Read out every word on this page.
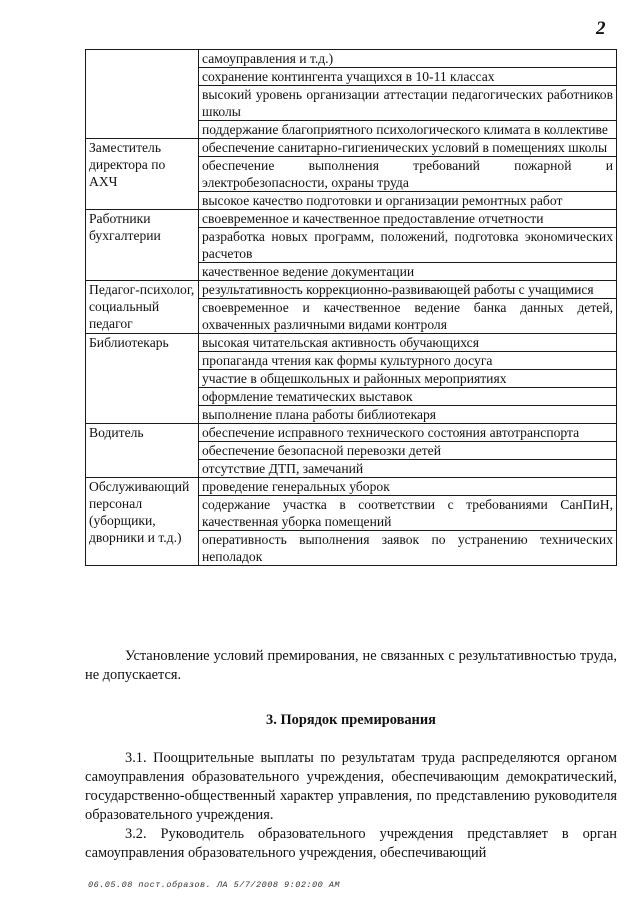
2
	самоуправления и т.д.)
	сохранение контингента учащихся в 10-11 классах
	высокий уровень организации аттестации педагогических работников школы
	поддержание благоприятного психологического климата в коллективе
Заместитель директора по АХЧ	обеспечение санитарно-гигиенических условий в помещениях школы
	обеспечение выполнения требований пожарной и электробезопасности, охраны труда
	высокое качество подготовки и организации ремонтных работ
Работники бухгалтерии	своевременное и качественное предоставление отчетности
	разработка новых программ, положений, подготовка экономических расчетов
	качественное ведение документации
Педагог-психолог, социальный педагог	результативность коррекционно-развивающей работы с учащимися
	своевременное и качественное ведение банка данных детей, охваченных различными видами контроля
Библиотекарь	высокая читательская активность обучающихся
	пропаганда чтения как формы культурного досуга
	участие в общешкольных и районных мероприятиях
	оформление тематических выставок
	выполнение плана работы библиотекаря
Водитель	обеспечение исправного технического состояния автотранспорта
	обеспечение безопасной перевозки детей
	отсутствие ДТП, замечаний
Обслуживающий персонал (уборщики, дворники и т.д.)	проведение генеральных уборок
	содержание участка в соответствии с требованиями СанПиН, качественная уборка помещений
	оперативность выполнения заявок по устранению технических неполадок

Установление условий премирования, не связанных с результативностью труда, не допускается.

3. Порядок премирования

3.1. Поощрительные выплаты по результатам труда распределяются органом самоуправления образовательного учреждения, обеспечивающим демократический, государственно-общественный характер управления, по представлению руководителя образовательного учреждения.

3.2. Руководитель образовательного учреждения представляет в орган самоуправления образовательного учреждения, обеспечивающий

06.05.08 пост.образов. ЛА 5/7/2008 9:02:00 AM
